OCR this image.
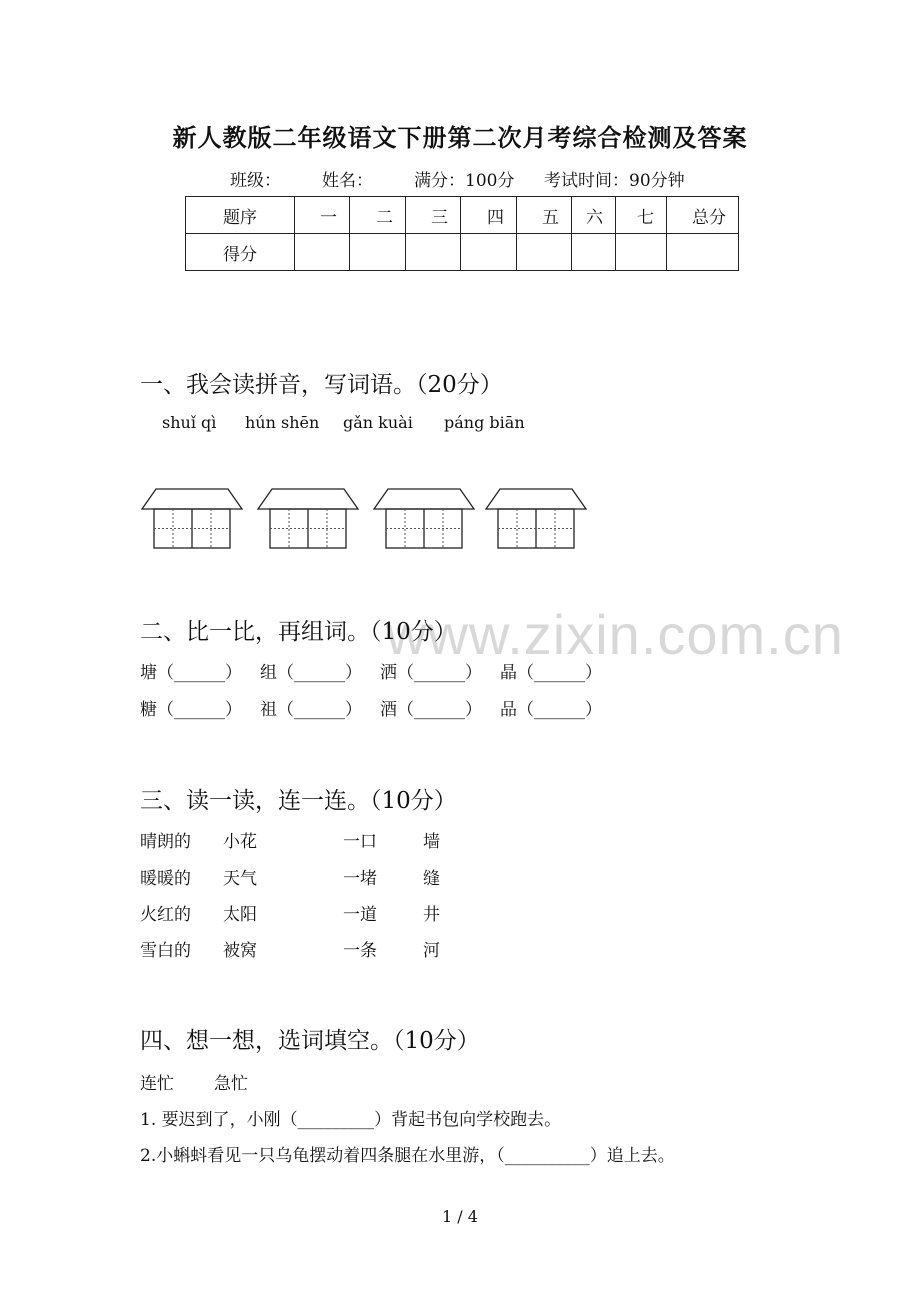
新人教版二年级语文下册第二次月考综合检测及答案
班级： 姓名： 满分：100分 考试时间：90分钟
题序	一	二	三	四	五	六	七	总分
得分								
一、我会读拼音，写词语。（20分）
shuǐ qì hún shēn gǎn kuài páng biān
www.zixin.com.cn
二、比一比，再组词。（10分）
塘（______） 组（______） 洒（______） 晶（______）
糖（______） 祖（______） 酒（______） 品（______）
三、读一读，连一连。（10分）
晴朗的 小花	一口	墙
暖暖的 天气	一堵	缝
火红的 太阳	一道	井
雪白的 被窝	一条	河
四、想一想，选词填空。（10分）
连忙 急忙
1. 要迟到了，小刚（_________）背起书包向学校跑去。
2.小蝌蚪看见一只乌龟摆动着四条腿在水里游，（__________）追上去。
1 / 4
